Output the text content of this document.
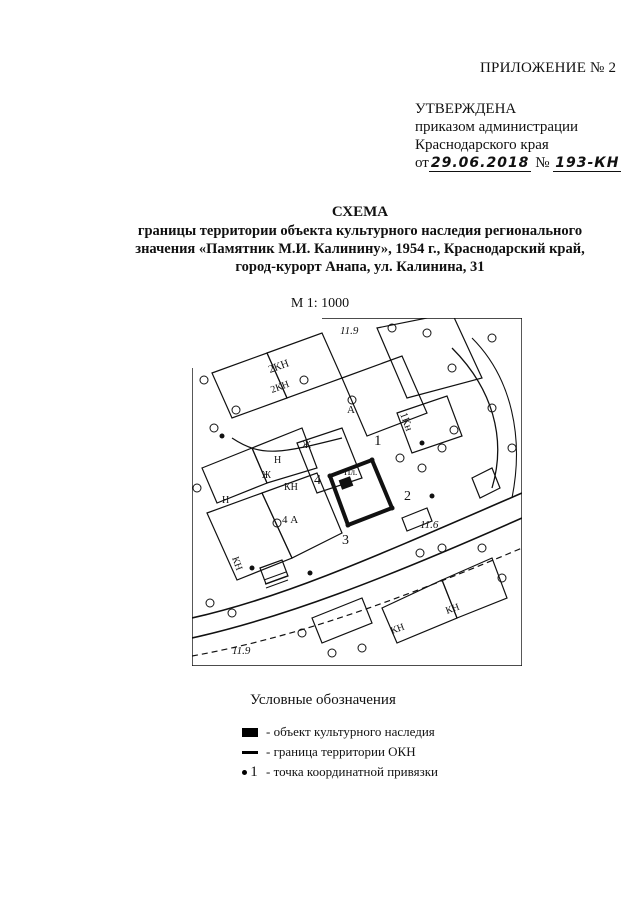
ПРИЛОЖЕНИЕ № 2
УТВЕРЖДЕНА
приказом администрации
Краснодарского края
от 29.06.2018 № 193-КН
СХЕМА
границы территории объекта культурного наследия регионального
значения «Памятник М.И. Калинину», 1954 г., Краснодарский край,
город-курорт Анапа, ул. Калинина, 31
М 1: 1000
1
2
3
4
11.9
11.6
11.9
2КН
КН
4 А
1Кн
КН
КН
Пл.
КН
2КН
А
Ж
Ж
Н
Н
Условные обозначения
- объект культурного наследия
- граница территории ОКН
1 - точка координатной привязки
